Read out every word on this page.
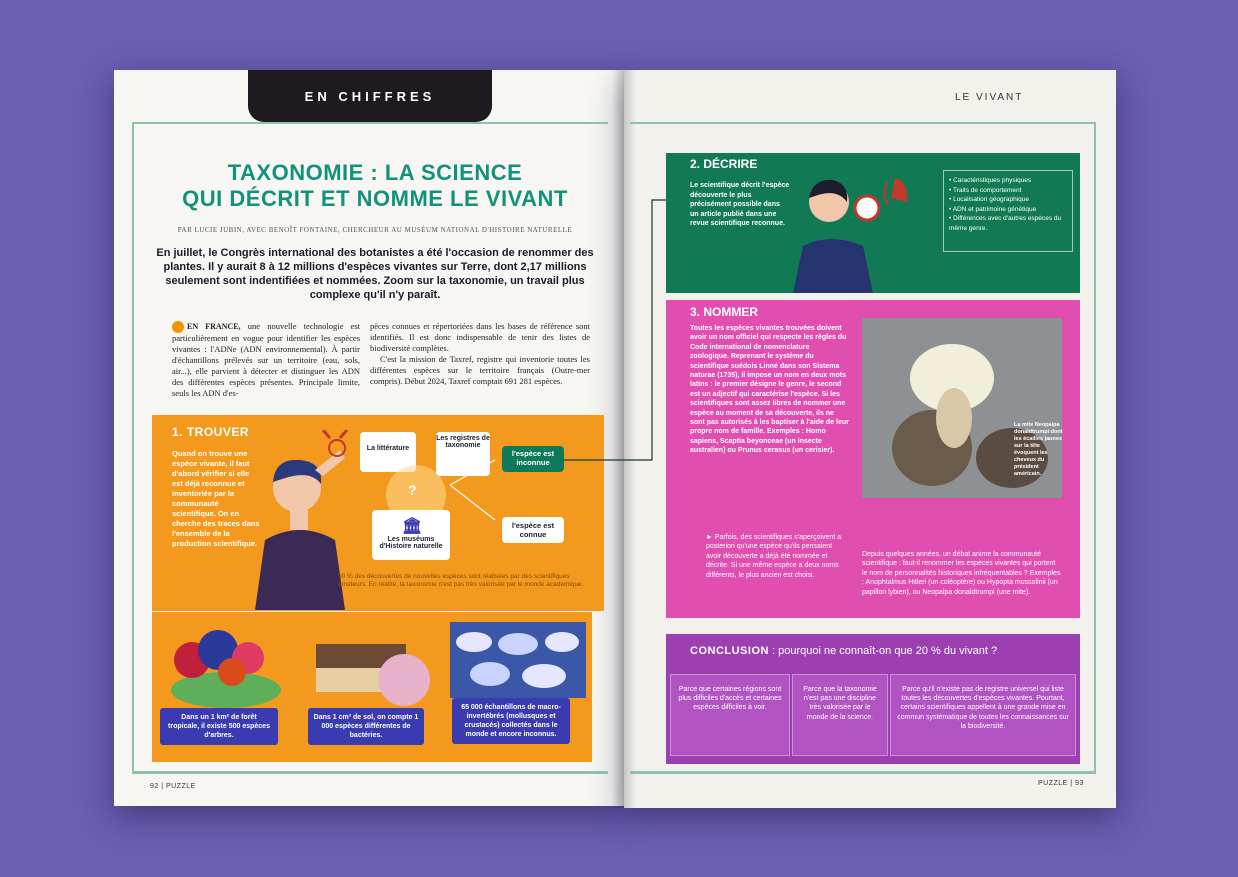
EN CHIFFRES	LE VIVANT
TAXONOMIE : LA SCIENCE
QUI DÉCRIT ET NOMME LE VIVANT
PAR LUCIE JUBIN, AVEC BENOÎT FONTAINE, CHERCHEUR AU MUSÉUM NATIONAL D'HISTOIRE NATURELLE
En juillet, le Congrès international des botanistes a été l'occasion de renommer des plantes. Il y aurait 8 à 12 millions d'espèces vivantes sur Terre, dont 2,17 millions seulement sont indentifiées et nommées. Zoom sur la taxonomie, un travail plus complexe qu'il n'y paraît.
EN FRANCE, une nouvelle technologie est particulièrement en vogue pour identifier les espèces vivantes : l'ADNe (ADN environnemental). À partir d'échantillons prélevés sur un territoire (eau, sols, air...), elle parvient à détecter et distinguer les ADN des différentes espèces présentes. Principale limite, seuls les ADN d'es-

pèces connues et répertoriées dans les bases de référence sont identifiés. Il est donc indispensable de tenir des listes de biodiversité complètes.

C'est la mission de Taxref, registre qui inventorie toutes les différentes espèces sur le territoire français (Outre-mer compris). Début 2024, Taxref comptait 691 281 espèces.

1. TROUVER
Quand on trouve une espèce vivante, il faut d'abord vérifier si elle est déjà reconnue et inventoriée par la communauté scientifique. On en cherche des traces dans l'ensemble de la production scientifique.
La littérature
Les registres de taxonomie
?
🏛
Les muséums d'Histoire naturelle
l'espèce est inconnue
l'espèce est connue
50 % des découvertes de nouvelles espèces sont réalisées par des scientifiques amateurs. En réalité, la taxonomie n'est pas très valorisée par le monde académique.
Dans un 1 km² de forêt tropicale, il existe 500 espèces d'arbres.
Dans 1 cm³ de sol, on compte 1 000 espèces différentes de bactéries.
65 000 échantillons de macro-invertébrés (mollusques et crustacés) collectés dans le monde et encore inconnus.
2. DÉCRIRE
Le scientifique décrit l'espèce découverte le plus précisément possible dans un article publié dans une revue scientifique reconnue.
• Caractéristiques physiques
• Traits de comportement
• Localisation géographique
• ADN et patrimoine génétique
• Différences avec d'autres espèces du même genre.
3. NOMMER
Toutes les espèces vivantes trouvées doivent avoir un nom officiel qui respecte les règles du Code international de nomenclature zoologique. Reprenant le système du scientifique suédois Linné dans son Sistema naturae (1735), il impose un nom en deux mots latins : le premier désigne le genre, le second est un adjectif qui caractérise l'espèce. Si les scientifiques sont assez libres de nommer une espèce au moment de sa découverte, ils ne sont pas autorisés à les baptiser à l'aide de leur propre nom de famille. Exemples : Homo sapiens, Scaptia beyonceae (un insecte australien) ou Prunus cerasus (un cerisier).
La mite Neopalpa donaldtrumpi dont les écailles jaunes sur la tête évoquent les cheveux du président américain.
► Parfois, des scientifiques s'aperçoivent a posteriori qu'une espèce qu'ils pensaient avoir découverte a déjà été nommée et décrite. Si une même espèce a deux noms différents, le plus ancien est choisi.
Depuis quelques années, un débat anime la communauté scientifique : faut-il renommer les espèces vivantes qui portent le nom de personnalités historiques infréquentables ? Exemples : Anophtalmus Hitleri (un coléoptère) ou Hypopta mussolinii (un papillon lybien), ou Neopalpa donaldtrumpi (une mite).
CONCLUSION : pourquoi ne connaît-on que 20 % du vivant ?
Parce que certaines régions sont plus difficiles d'accès et certaines espèces difficiles à voir.
Parce que la taxonomie n'est pas une discipline très valorisée par le monde de la science.
Parce qu'il n'existe pas de registre universel qui liste toutes les découvertes d'espèces vivantes. Pourtant, certains scientifiques appellent à une grande mise en commun systématique de toutes les connaissances sur la biodiversité.
92 | PUZZLE	PUZZLE | 93
